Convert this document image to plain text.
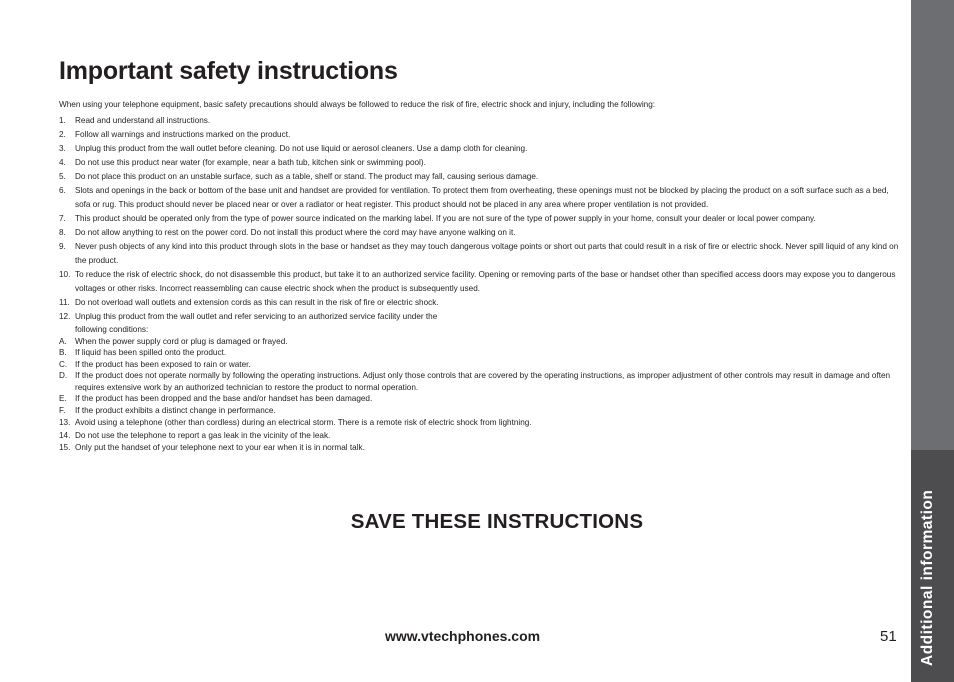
Additional information
Important safety instructions

When using your telephone equipment, basic safety precautions should always be followed to reduce the risk of fire, electric shock and injury, including the following:

1. Read and understand all instructions.
2. Follow all warnings and instructions marked on the product.
3. Unplug this product from the wall outlet before cleaning. Do not use liquid or aerosol cleaners. Use a damp cloth for cleaning.
4. Do not use this product near water (for example, near a bath tub, kitchen sink or swimming pool).
5. Do not place this product on an unstable surface, such as a table, shelf or stand. The product may fall, causing serious damage.
6. Slots and openings in the back or bottom of the base unit and handset are provided for ventilation. To protect them from overheating, these openings must not be blocked by placing the product on a soft surface such as a bed, sofa or rug. This product should never be placed near or over a radiator or heat register. This product should not be placed in any area where proper ventilation is not provided.
7. This product should be operated only from the type of power source indicated on the marking label. If you are not sure of the type of power supply in your home, consult your dealer or local power company.
8. Do not allow anything to rest on the power cord. Do not install this product where the cord may have anyone walking on it.
9. Never push objects of any kind into this product through slots in the base or handset as they may touch dangerous voltage points or short out parts that could result in a risk of fire or electric shock. Never spill liquid of any kind on the product.
10. To reduce the risk of electric shock, do not disassemble this product, but take it to an authorized service facility. Opening or removing parts of the base or handset other than specified access doors may expose you to dangerous voltages or other risks. Incorrect reassembling can cause electric shock when the product is subsequently used.
11. Do not overload wall outlets and extension cords as this can result in the risk of fire or electric shock.
12. Unplug this product from the wall outlet and refer servicing to an authorized service facility under the
following conditions:
A. When the power supply cord or plug is damaged or frayed.
B. If liquid has been spilled onto the product.
C. If the product has been exposed to rain or water.
D. If the product does not operate normally by following the operating instructions. Adjust only those controls that are covered by the operating instructions, as improper adjustment of other controls may result in damage and often requires extensive work by an authorized technician to restore the product to normal operation.
E. If the product has been dropped and the base and/or handset has been damaged.
F. If the product exhibits a distinct change in performance.
13. Avoid using a telephone (other than cordless) during an electrical storm. There is a remote risk of electric shock from lightning.
14. Do not use the telephone to report a gas leak in the vicinity of the leak.
15. Only put the handset of your telephone next to your ear when it is in normal talk.
SAVE THESE INSTRUCTIONS
www.vtechphones.com	51
